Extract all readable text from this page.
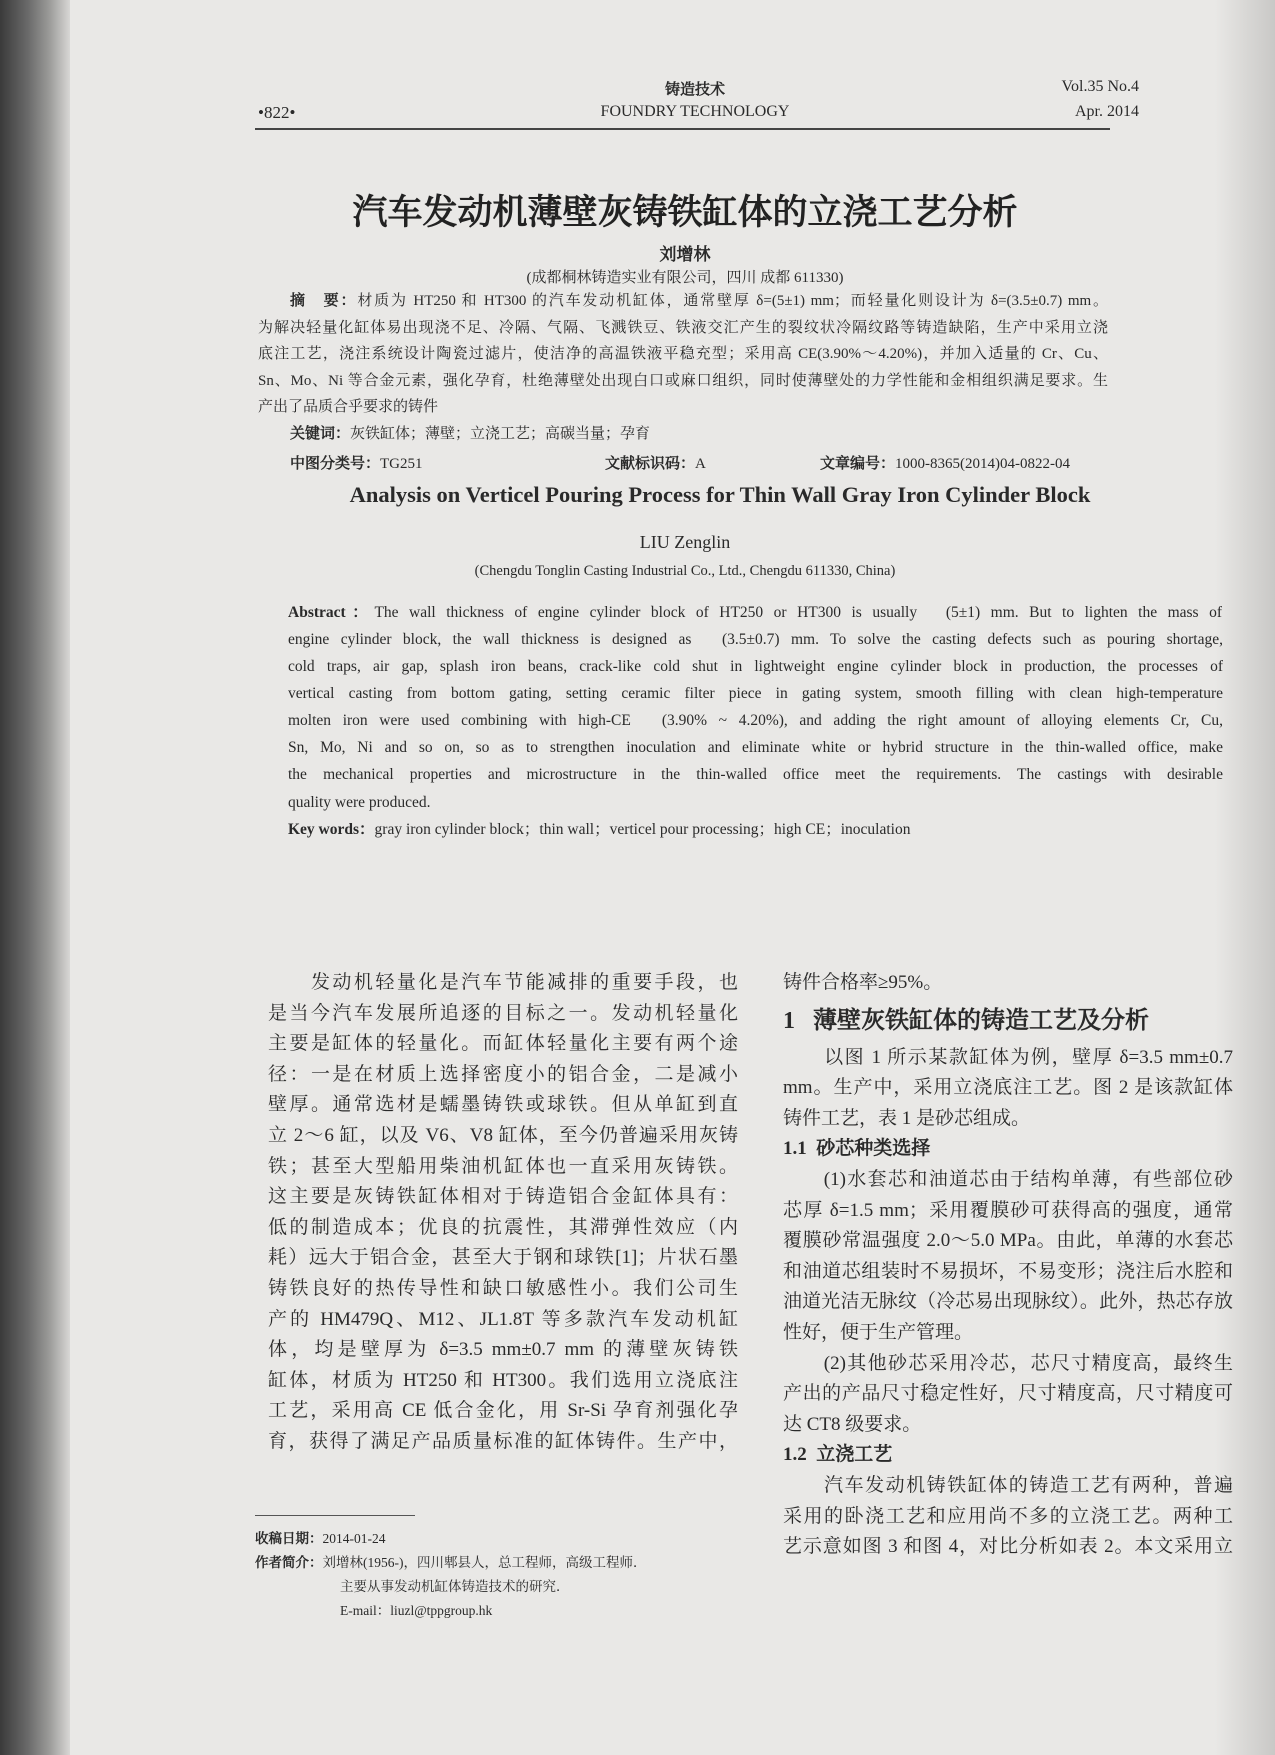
•822•
铸造技术
FOUNDRY TECHNOLOGY
Vol.35 No.4
Apr. 2014
汽车发动机薄壁灰铸铁缸体的立浇工艺分析
刘增林
(成都桐林铸造实业有限公司，四川 成都 611330)
摘　要：材质为 HT250 和 HT300 的汽车发动机缸体，通常壁厚 δ=(5±1) mm；而轻量化则设计为 δ=(3.5±0.7) mm。
为解决轻量化缸体易出现浇不足、冷隔、气隔、飞溅铁豆、铁液交汇产生的裂纹状冷隔纹路等铸造缺陷，生产中采用立浇
底注工艺，浇注系统设计陶瓷过滤片，使洁净的高温铁液平稳充型；采用高 CE(3.90%～4.20%)，并加入适量的 Cr、Cu、
Sn、Mo、Ni 等合金元素，强化孕育，杜绝薄壁处出现白口或麻口组织，同时使薄壁处的力学性能和金相组织满足要求。生
产出了品质合乎要求的铸件
关键词：灰铁缸体；薄壁；立浇工艺；高碳当量；孕育
中图分类号：TG251	文献标识码：A	文章编号：1000-8365(2014)04-0822-04
Analysis on Verticel Pouring Process for Thin Wall Gray Iron Cylinder Block
LIU Zenglin
(Chengdu Tonglin Casting Industrial Co., Ltd., Chengdu 611330, China)
Abstract：The wall thickness of engine cylinder block of HT250 or HT300 is usually　(5±1) mm. But to lighten the mass of
engine cylinder block, the wall thickness is designed as　(3.5±0.7) mm. To solve the casting defects such as pouring shortage,
cold traps, air gap, splash iron beans, crack-like cold shut in lightweight engine cylinder block in production, the processes of
vertical casting from bottom gating, setting ceramic filter piece in gating system, smooth filling with clean high-temperature
molten iron were used combining with high-CE　(3.90% ~ 4.20%), and adding the right amount of alloying elements Cr, Cu,
Sn, Mo, Ni and so on, so as to strengthen inoculation and eliminate white or hybrid structure in the thin-walled office, make
the mechanical properties and microstructure in the thin-walled office meet the requirements. The castings with desirable
quality were produced.
Key words：gray iron cylinder block；thin wall；verticel pour processing；high CE；inoculation
　　发动机轻量化是汽车节能减排的重要手段，也
是当今汽车发展所追逐的目标之一。发动机轻量化
主要是缸体的轻量化。而缸体轻量化主要有两个途
径：一是在材质上选择密度小的铝合金，二是减小
壁厚。通常选材是蠕墨铸铁或球铁。但从单缸到直
立 2～6 缸，以及 V6、V8 缸体，至今仍普遍采用灰铸
铁；甚至大型船用柴油机缸体也一直采用灰铸铁。
这主要是灰铸铁缸体相对于铸造铝合金缸体具有：
低的制造成本；优良的抗震性，其滞弹性效应（内
耗）远大于铝合金，甚至大于钢和球铁[1]；片状石墨
铸铁良好的热传导性和缺口敏感性小。我们公司生
产的 HM479Q、M12、JL1.8T 等多款汽车发动机缸
体，均是壁厚为 δ=3.5 mm±0.7 mm 的薄壁灰铸铁
缸体，材质为 HT250 和 HT300。我们选用立浇底注
工艺，采用高 CE 低合金化，用 Sr-Si 孕育剂强化孕
育，获得了满足产品质量标准的缸体铸件。生产中，
铸件合格率≥95%。
1 薄壁灰铁缸体的铸造工艺及分析
　　以图 1 所示某款缸体为例，壁厚 δ=3.5 mm±0.7
mm。生产中，采用立浇底注工艺。图 2 是该款缸体
铸件工艺，表 1 是砂芯组成。
1.1 砂芯种类选择
　　(1)水套芯和油道芯由于结构单薄，有些部位砂
芯厚 δ=1.5 mm；采用覆膜砂可获得高的强度，通常
覆膜砂常温强度 2.0～5.0 MPa。由此，单薄的水套芯
和油道芯组装时不易损坏，不易变形；浇注后水腔和
油道光洁无脉纹（冷芯易出现脉纹）。此外，热芯存放
性好，便于生产管理。
　　(2)其他砂芯采用冷芯，芯尺寸精度高，最终生
产出的产品尺寸稳定性好，尺寸精度高，尺寸精度可
达 CT8 级要求。
1.2 立浇工艺
　　汽车发动机铸铁缸体的铸造工艺有两种，普遍
采用的卧浇工艺和应用尚不多的立浇工艺。两种工
艺示意如图 3 和图 4，对比分析如表 2。本文采用立
收稿日期：2014-01-24
作者简介：刘增林(1956-)，四川郫县人，总工程师，高级工程师．
主要从事发动机缸体铸造技术的研究．
E-mail：liuzl@tppgroup.hk
